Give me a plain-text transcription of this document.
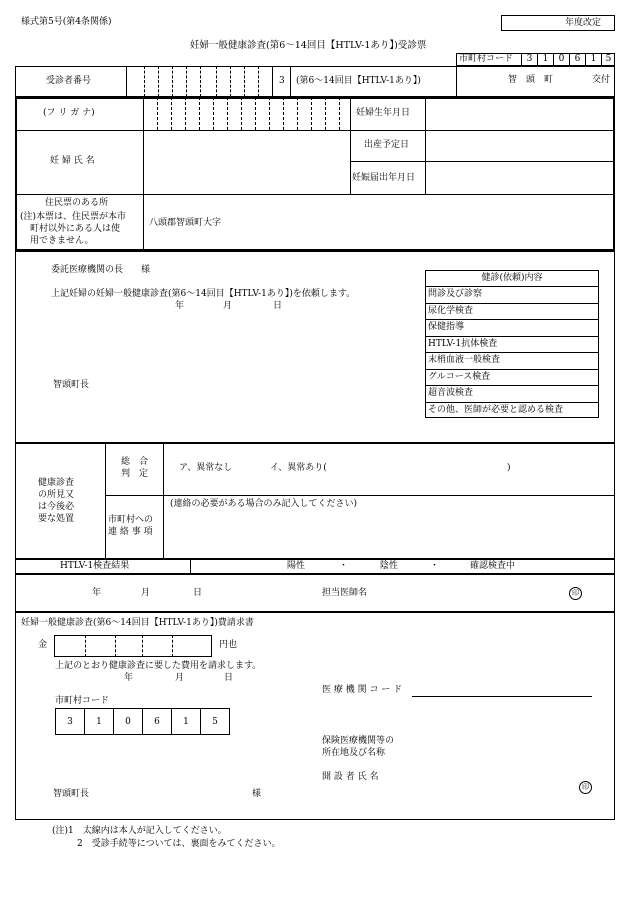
様式第5号(第4条関係)	年度改定
妊婦一般健康診査(第6～14回目【HTLV-1あり】)受診票
市町村コード	3	1	0	6	1	5
受診者番号	3 (第6～14回目【HTLV-1あり】)	智　頭　町	交付
(フ リ ガ ナ)	妊婦生年月日
妊 婦 氏 名
出産予定日
妊娠届出年月日
住民票のある所
(注)本票は、住民票が本市
町村以外にある人は使
用できません。
八頭郡智頭町大字
委託医療機関の長　　様
上記妊婦の妊婦一般健康診査(第6～14回目【HTLV-1あり】)を依頼します。
年	月	日
智頭町長
健診(依頼)内容
問診及び診察
尿化学検査
保健指導
HTLV-1抗体検査
末梢血液一般検査
グルコース検査
超音波検査
その他、医師が必要と認める検査
健康診査
の所見又
は今後必
要な処置
総　合
判　定
ア、異常なし	イ、異常あり(	)
市町村への
連 絡 事 項
(連絡の必要がある場合のみ記入してください)
HTLV-1検査結果	陽性	・	陰性	・	確認検査中
年	月	日	担当医師名	印
妊婦一般健康診査(第6～14回目【HTLV-1あり】)費請求書
金	円也
上記のとおり健康診査に要した費用を請求します。
年	月	日
市町村コード
3	1	0	6	1	5
医 療 機 関 コ ー ド
保険医療機関等の
所在地及び名称
開 設 者 氏 名
印
智頭町長	様
(注)1　太線内は本人が記入してください。
2　受診手続等については、裏面をみてください。
